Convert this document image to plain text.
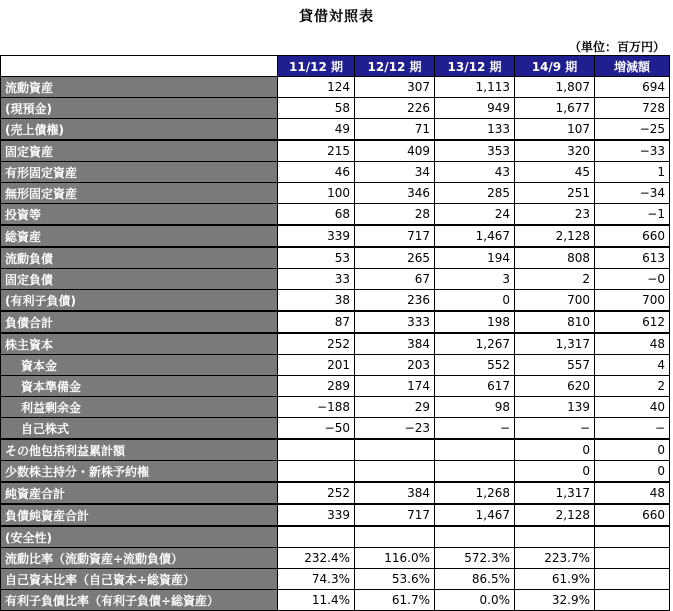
貸借対照表
（単位：百万円）
	11/12 期	12/12 期	13/12 期	14/9 期	増減額
流動資産	124	307	1,113	1,807	694
(現預金)	58	226	949	1,677	728
(売上債権)	49	71	133	107	−25
固定資産	215	409	353	320	−33
有形固定資産	46	34	43	45	1
無形固定資産	100	346	285	251	−34
投資等	68	28	24	23	−1
総資産	339	717	1,467	2,128	660
流動負債	53	265	194	808	613
固定負債	33	67	3	2	−0
(有利子負債)	38	236	0	700	700
負債合計	87	333	198	810	612
株主資本	252	384	1,267	1,317	48
資本金	201	203	552	557	4
資本準備金	289	174	617	620	2
利益剰余金	−188	29	98	139	40
自己株式	−50	−23	−	−	−
その他包括利益累計額				0	0
少数株主持分・新株予約権				0	0
純資産合計	252	384	1,268	1,317	48
負債純資産合計	339	717	1,467	2,128	660
(安全性)					
流動比率（流動資産÷流動負債）	232.4%	116.0%	572.3%	223.7%	
自己資本比率（自己資本÷総資産）	74.3%	53.6%	86.5%	61.9%	
有利子負債比率（有利子負債÷総資産）	11.4%	61.7%	0.0%	32.9%	
